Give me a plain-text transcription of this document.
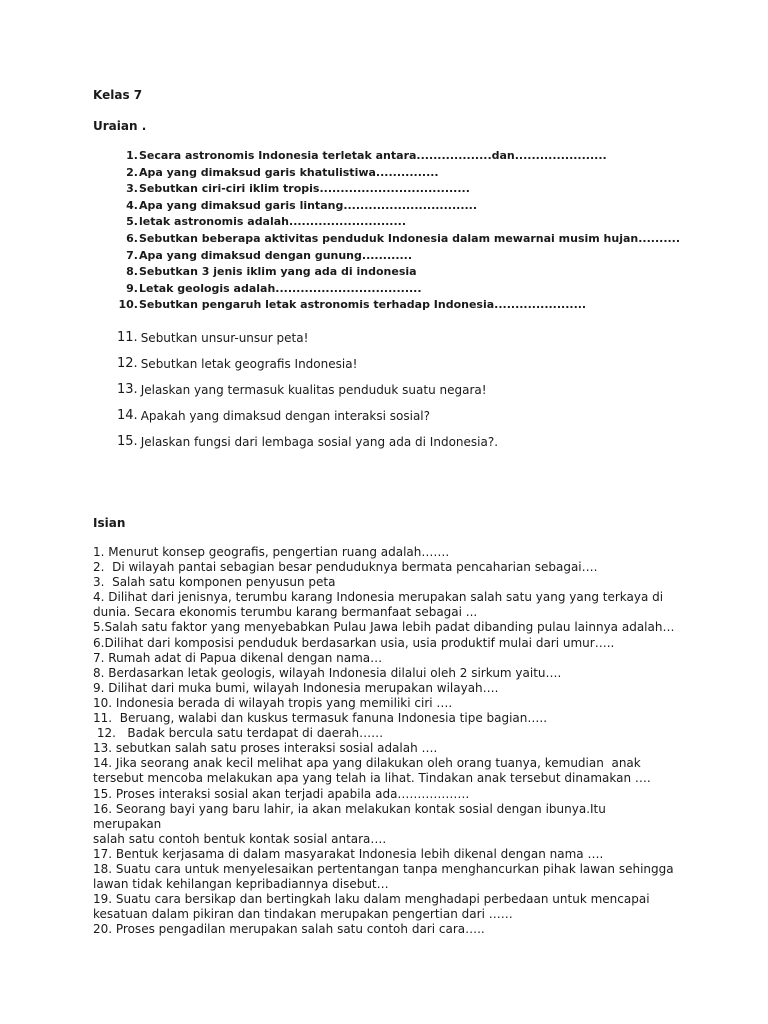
Kelas 7
Uraian .
1. Secara astronomis Indonesia terletak antara..................dan......................
2. Apa yang dimaksud garis khatulistiwa...............
3. Sebutkan ciri-ciri iklim tropis....................................
4. Apa yang dimaksud garis lintang................................
5. letak astronomis adalah............................
6. Sebutkan beberapa aktivitas penduduk Indonesia dalam mewarnai musim hujan..........
7. Apa yang dimaksud dengan gunung............
8. Sebutkan 3 jenis iklim yang ada di indonesia
9. Letak geologis adalah...................................
10. Sebutkan pengaruh letak astronomis terhadap Indonesia......................
11. Sebutkan unsur-unsur peta!
12. Sebutkan letak geografis Indonesia!
13. Jelaskan yang termasuk kualitas penduduk suatu negara!
14. Apakah yang dimaksud dengan interaksi sosial?
15. Jelaskan fungsi dari lembaga sosial yang ada di Indonesia?.
Isian
1. Menurut konsep geografis, pengertian ruang adalah…….
2.  Di wilayah pantai sebagian besar penduduknya bermata pencaharian sebagai….
3.  Salah satu komponen penyusun peta
4. Dilihat dari jenisnya, terumbu karang Indonesia merupakan salah satu yang yang terkaya di
dunia. Secara ekonomis terumbu karang bermanfaat sebagai ...
5.Salah satu faktor yang menyebabkan Pulau Jawa lebih padat dibanding pulau lainnya adalah…
6.Dilihat dari komposisi penduduk berdasarkan usia, usia produktif mulai dari umur…..
7. Rumah adat di Papua dikenal dengan nama…
8. Berdasarkan letak geologis, wilayah Indonesia dilalui oleh 2 sirkum yaitu….
9. Dilihat dari muka bumi, wilayah Indonesia merupakan wilayah….
10. Indonesia berada di wilayah tropis yang memiliki ciri ….
11.  Beruang, walabi dan kuskus termasuk fanuna Indonesia tipe bagian…..
12.   Badak bercula satu terdapat di daerah……
13. sebutkan salah satu proses interaksi sosial adalah ….
14. Jika seorang anak kecil melihat apa yang dilakukan oleh orang tuanya, kemudian  anak
tersebut mencoba melakukan apa yang telah ia lihat. Tindakan anak tersebut dinamakan ….
15. Proses interaksi sosial akan terjadi apabila ada………………
16. Seorang bayi yang baru lahir, ia akan melakukan kontak sosial dengan ibunya.Itu merupakan
salah satu contoh bentuk kontak sosial antara….
17. Bentuk kerjasama di dalam masyarakat Indonesia lebih dikenal dengan nama ….
18. Suatu cara untuk menyelesaikan pertentangan tanpa menghancurkan pihak lawan sehingga
lawan tidak kehilangan kepribadiannya disebut…
19. Suatu cara bersikap dan bertingkah laku dalam menghadapi perbedaan untuk mencapai
kesatuan dalam pikiran dan tindakan merupakan pengertian dari ……
20. Proses pengadilan merupakan salah satu contoh dari cara…..
